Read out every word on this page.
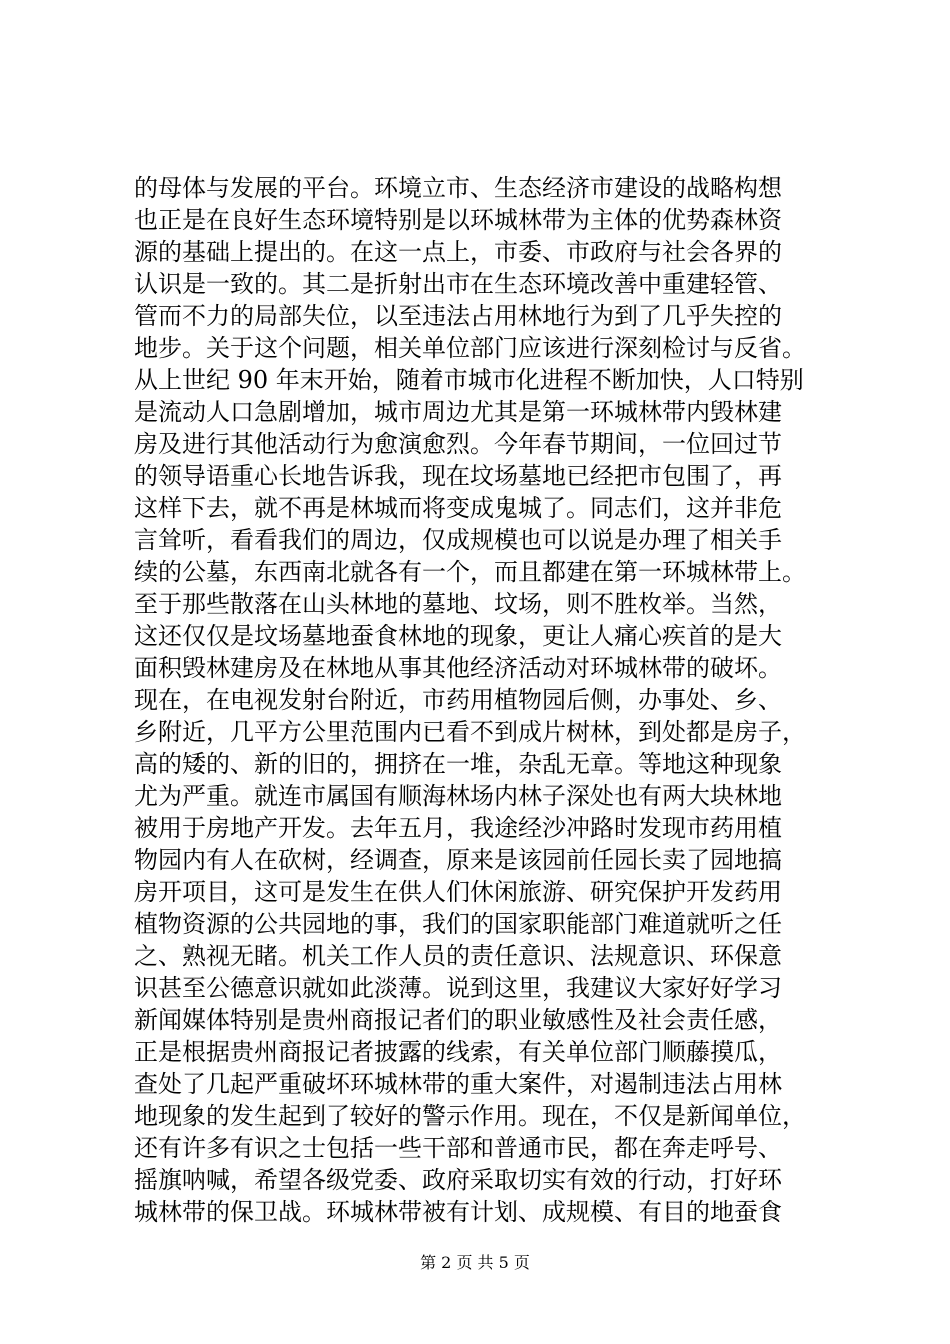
的母体与发展的平台。环境立市、生态经济市建设的战略构想
也正是在良好生态环境特别是以环城林带为主体的优势森林资
源的基础上提出的。在这一点上，市委、市政府与社会各界的
认识是一致的。其二是折射出市在生态环境改善中重建轻管、
管而不力的局部失位，以至违法占用林地行为到了几乎失控的
地步。关于这个问题，相关单位部门应该进行深刻检讨与反省。
从上世纪 90 年末开始，随着市城市化进程不断加快，人口特别
是流动人口急剧增加，城市周边尤其是第一环城林带内毁林建
房及进行其他活动行为愈演愈烈。今年春节期间，一位回过节
的领导语重心长地告诉我，现在坟场墓地已经把市包围了，再
这样下去，就不再是林城而将变成鬼城了。同志们，这并非危
言耸听，看看我们的周边，仅成规模也可以说是办理了相关手
续的公墓，东西南北就各有一个，而且都建在第一环城林带上。
至于那些散落在山头林地的墓地、坟场，则不胜枚举。当然，
这还仅仅是坟场墓地蚕食林地的现象，更让人痛心疾首的是大
面积毁林建房及在林地从事其他经济活动对环城林带的破坏。
现在，在电视发射台附近，市药用植物园后侧，办事处、乡、
乡附近，几平方公里范围内已看不到成片树林，到处都是房子，
高的矮的、新的旧的，拥挤在一堆，杂乱无章。等地这种现象
尤为严重。就连市属国有顺海林场内林子深处也有两大块林地
被用于房地产开发。去年五月，我途经沙冲路时发现市药用植
物园内有人在砍树，经调查，原来是该园前任园长卖了园地搞
房开项目，这可是发生在供人们休闲旅游、研究保护开发药用
植物资源的公共园地的事，我们的国家职能部门难道就听之任
之、熟视无睹。机关工作人员的责任意识、法规意识、环保意
识甚至公德意识就如此淡薄。说到这里，我建议大家好好学习
新闻媒体特别是贵州商报记者们的职业敏感性及社会责任感，
正是根据贵州商报记者披露的线索，有关单位部门顺藤摸瓜，
查处了几起严重破坏环城林带的重大案件，对遏制违法占用林
地现象的发生起到了较好的警示作用。现在，不仅是新闻单位，
还有许多有识之士包括一些干部和普通市民，都在奔走呼号、
摇旗呐喊，希望各级党委、政府采取切实有效的行动，打好环
城林带的保卫战。环城林带被有计划、成规模、有目的地蚕食
第 2 页 共 5 页
